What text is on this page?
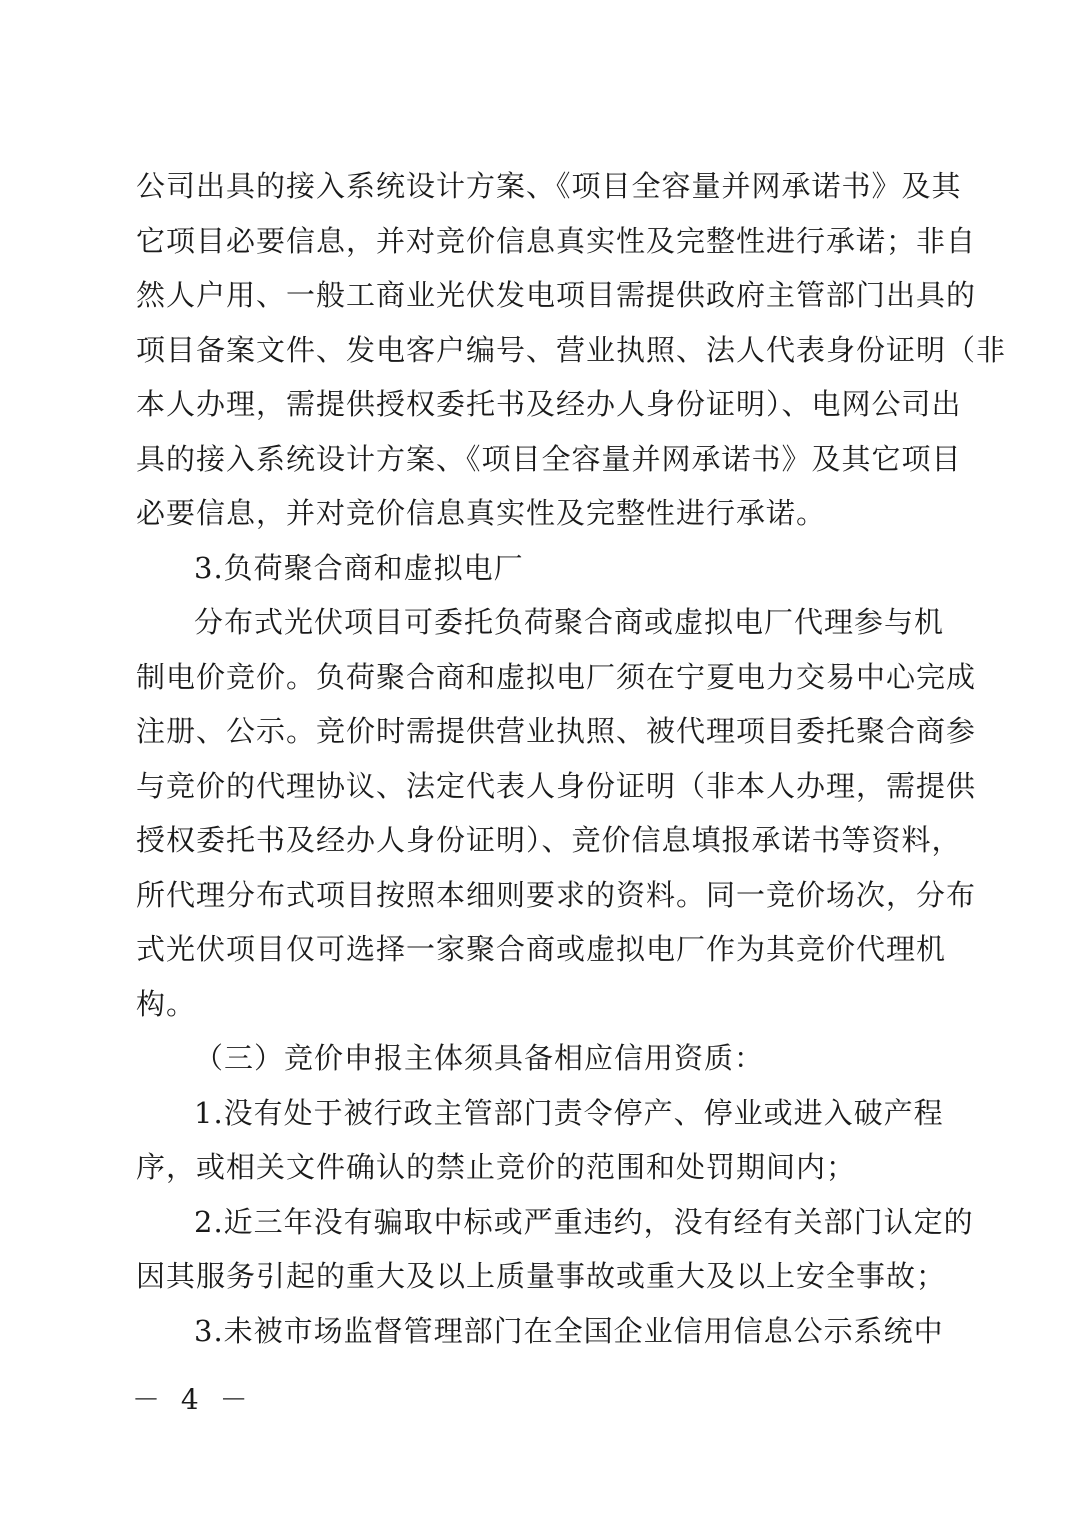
公司出具的接入系统设计方案、《项目全容量并网承诺书》及其
它项目必要信息，并对竞价信息真实性及完整性进行承诺；非自
然人户用、一般工商业光伏发电项目需提供政府主管部门出具的
项目备案文件、发电客户编号、营业执照、法人代表身份证明（非
本人办理，需提供授权委托书及经办人身份证明）、电网公司出
具的接入系统设计方案、《项目全容量并网承诺书》及其它项目
必要信息，并对竞价信息真实性及完整性进行承诺。
3.负荷聚合商和虚拟电厂
分布式光伏项目可委托负荷聚合商或虚拟电厂代理参与机
制电价竞价。负荷聚合商和虚拟电厂须在宁夏电力交易中心完成
注册、公示。竞价时需提供营业执照、被代理项目委托聚合商参
与竞价的代理协议、法定代表人身份证明（非本人办理，需提供
授权委托书及经办人身份证明）、竞价信息填报承诺书等资料，
所代理分布式项目按照本细则要求的资料。同一竞价场次，分布
式光伏项目仅可选择一家聚合商或虚拟电厂作为其竞价代理机
构。
（三）竞价申报主体须具备相应信用资质：
1.没有处于被行政主管部门责令停产、停业或进入破产程
序，或相关文件确认的禁止竞价的范围和处罚期间内；
2.近三年没有骗取中标或严重违约，没有经有关部门认定的
因其服务引起的重大及以上质量事故或重大及以上安全事故；
3.未被市场监督管理部门在全国企业信用信息公示系统中
－ 4 －
